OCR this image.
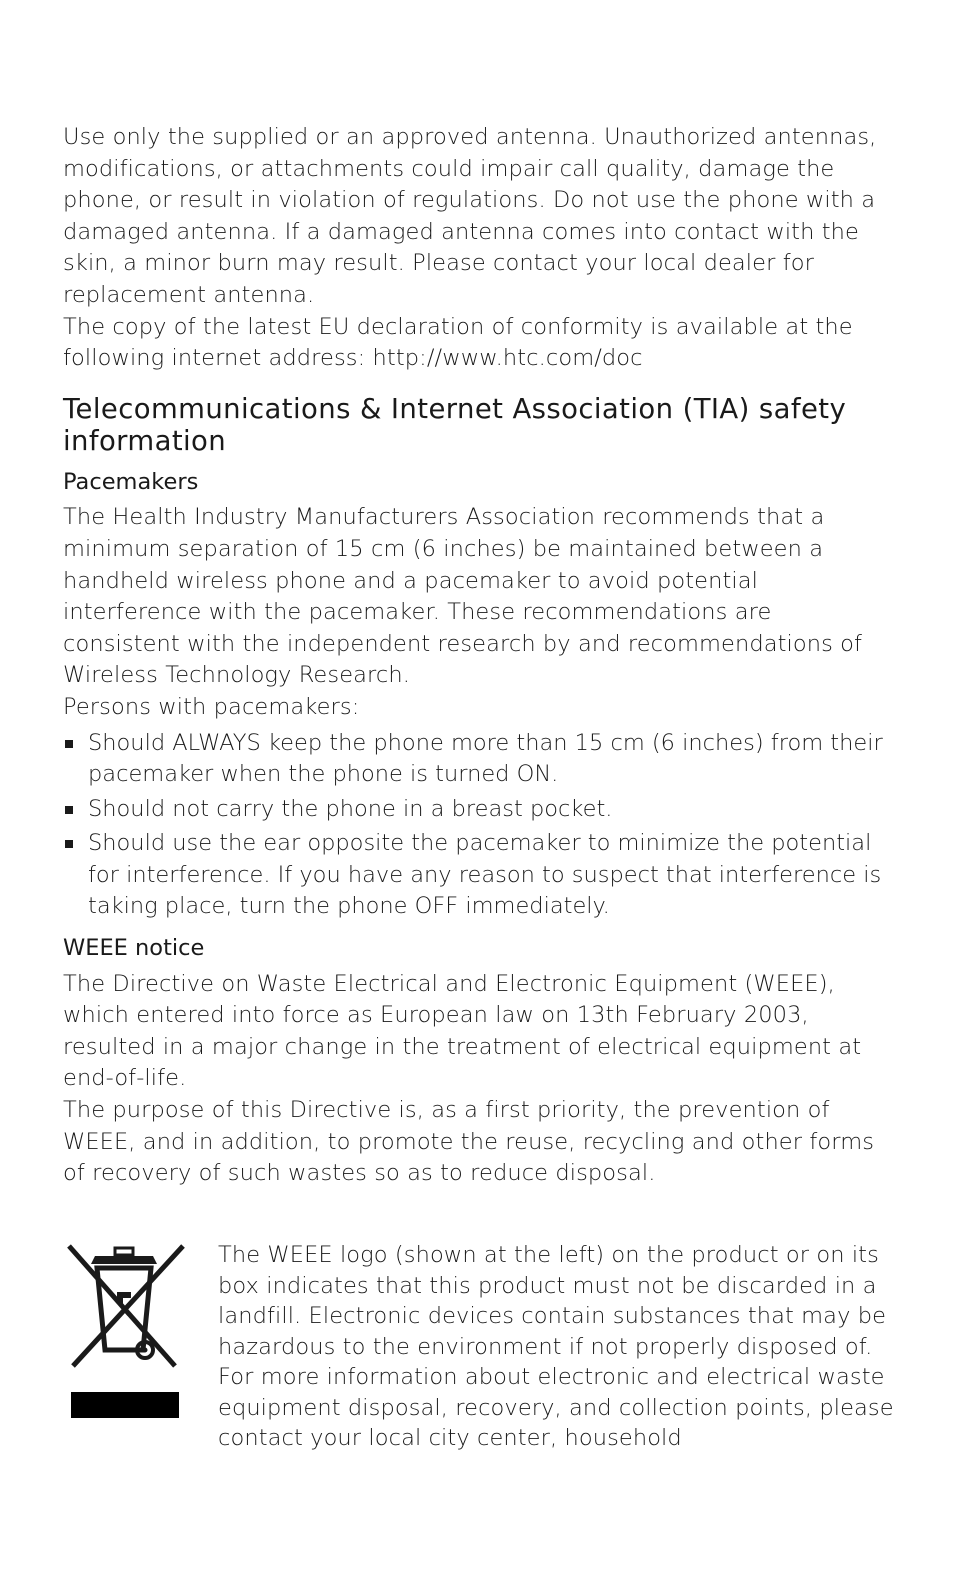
Use only the supplied or an approved antenna. Unauthorized antennas, modifications, or attachments could impair call quality, damage the phone, or result in violation of regulations. Do not use the phone with a damaged antenna. If a damaged antenna comes into contact with the skin, a minor burn may result. Please contact your local dealer for replacement antenna.

The copy of the latest EU declaration of conformity is available at the following internet address: http://www.htc.com/doc

Telecommunications & Internet Association (TIA) safety information
Pacemakers

The Health Industry Manufacturers Association recommends that a minimum separation of 15 cm (6 inches) be maintained between a handheld wireless phone and a pacemaker to avoid potential interference with the pacemaker. These recommendations are consistent with the independent research by and recommendations of Wireless Technology Research.

Persons with pacemakers:

Should ALWAYS keep the phone more than 15 cm (6 inches) from their pacemaker when the phone is turned ON.
Should not carry the phone in a breast pocket.
Should use the ear opposite the pacemaker to minimize the potential for interference. If you have any reason to suspect that interference is taking place, turn the phone OFF immediately.
WEEE notice

The Directive on Waste Electrical and Electronic Equipment (WEEE), which entered into force as European law on 13th February 2003, resulted in a major change in the treatment of electrical equipment at end-of-life.

The purpose of this Directive is, as a first priority, the prevention of WEEE, and in addition, to promote the reuse, recycling and other forms of recovery of such wastes so as to reduce disposal.

The WEEE logo (shown at the left) on the product or on its box indicates that this product must not be discarded in a landfill. Electronic devices contain substances that may be hazardous to the environment if not properly disposed of. For more information about electronic and electrical waste equipment disposal, recovery, and collection points, please contact your local city center, household
